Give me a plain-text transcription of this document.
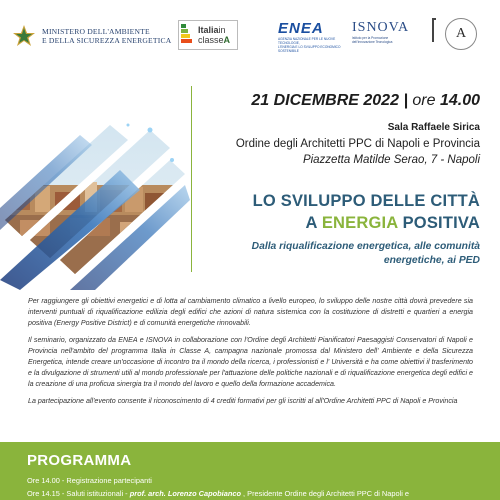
MINISTERO DELL'AMBIENTE
E DELLA SICUREZZA ENERGETICA
Italiain
classeA
ENEA
AGENZIA NAZIONALE PER LE NUOVE TECNOLOGIE,
L'ENERGIA E LO SVILUPPO ECONOMICO SOSTENIBILE
ISNOVA
Istituto per la Promozione
dell'Innovazione Tecnologica
A
21 DICEMBRE 2022 | ore 14.00
Sala Raffaele Sirica
Ordine degli Architetti PPC di Napoli e Provincia
Piazzetta Matilde Serao, 7 - Napoli
LO SVILUPPO DELLE CITTÀ
A ENERGIA POSITIVA
Dalla riqualificazione energetica, alle comunità energetiche, ai PED

Per raggiungere gli obiettivi energetici e di lotta al cambiamento climatico a livello europeo, lo sviluppo delle nostre città dovrà prevedere sia interventi puntuali di riqualificazione edilizia degli edifici che azioni di natura sistemica con la costituzione di distretti e quartieri a energia positiva (Energy Positive District) e di comunità energetiche rinnovabili.

Il seminario, organizzato da ENEA e ISNOVA in collaborazione con l'Ordine degli Architetti Pianificatori Paesaggisti Conservatori di Napoli e Provincia nell'ambito del programma Italia in Classe A, campagna nazionale promossa dal Ministero dell' Ambiente e della Sicurezza Energetica, intende creare un'occasione di incontro tra il mondo della ricerca, i professionisti e l' Università e ha come obiettivi il trasferimento e la divulgazione di strumenti utili al mondo professionale per l'attuazione delle politiche nazionali e di riqualificazione energetica degli edifici e la creazione di una proficua sinergia tra il mondo del lavoro e quello della formazione accademica.

La partecipazione all'evento consente il riconoscimento di 4 crediti formativi per gli iscritti al all'Ordine Architetti PPC di Napoli e Provincia

PROGRAMMA
Ore 14.00 - Registrazione partecipanti
Ore 14.15 - Saluti istituzionali - prof. arch. Lorenzo Capobianco , Presidente Ordine degli Architetti PPC di Napoli e
